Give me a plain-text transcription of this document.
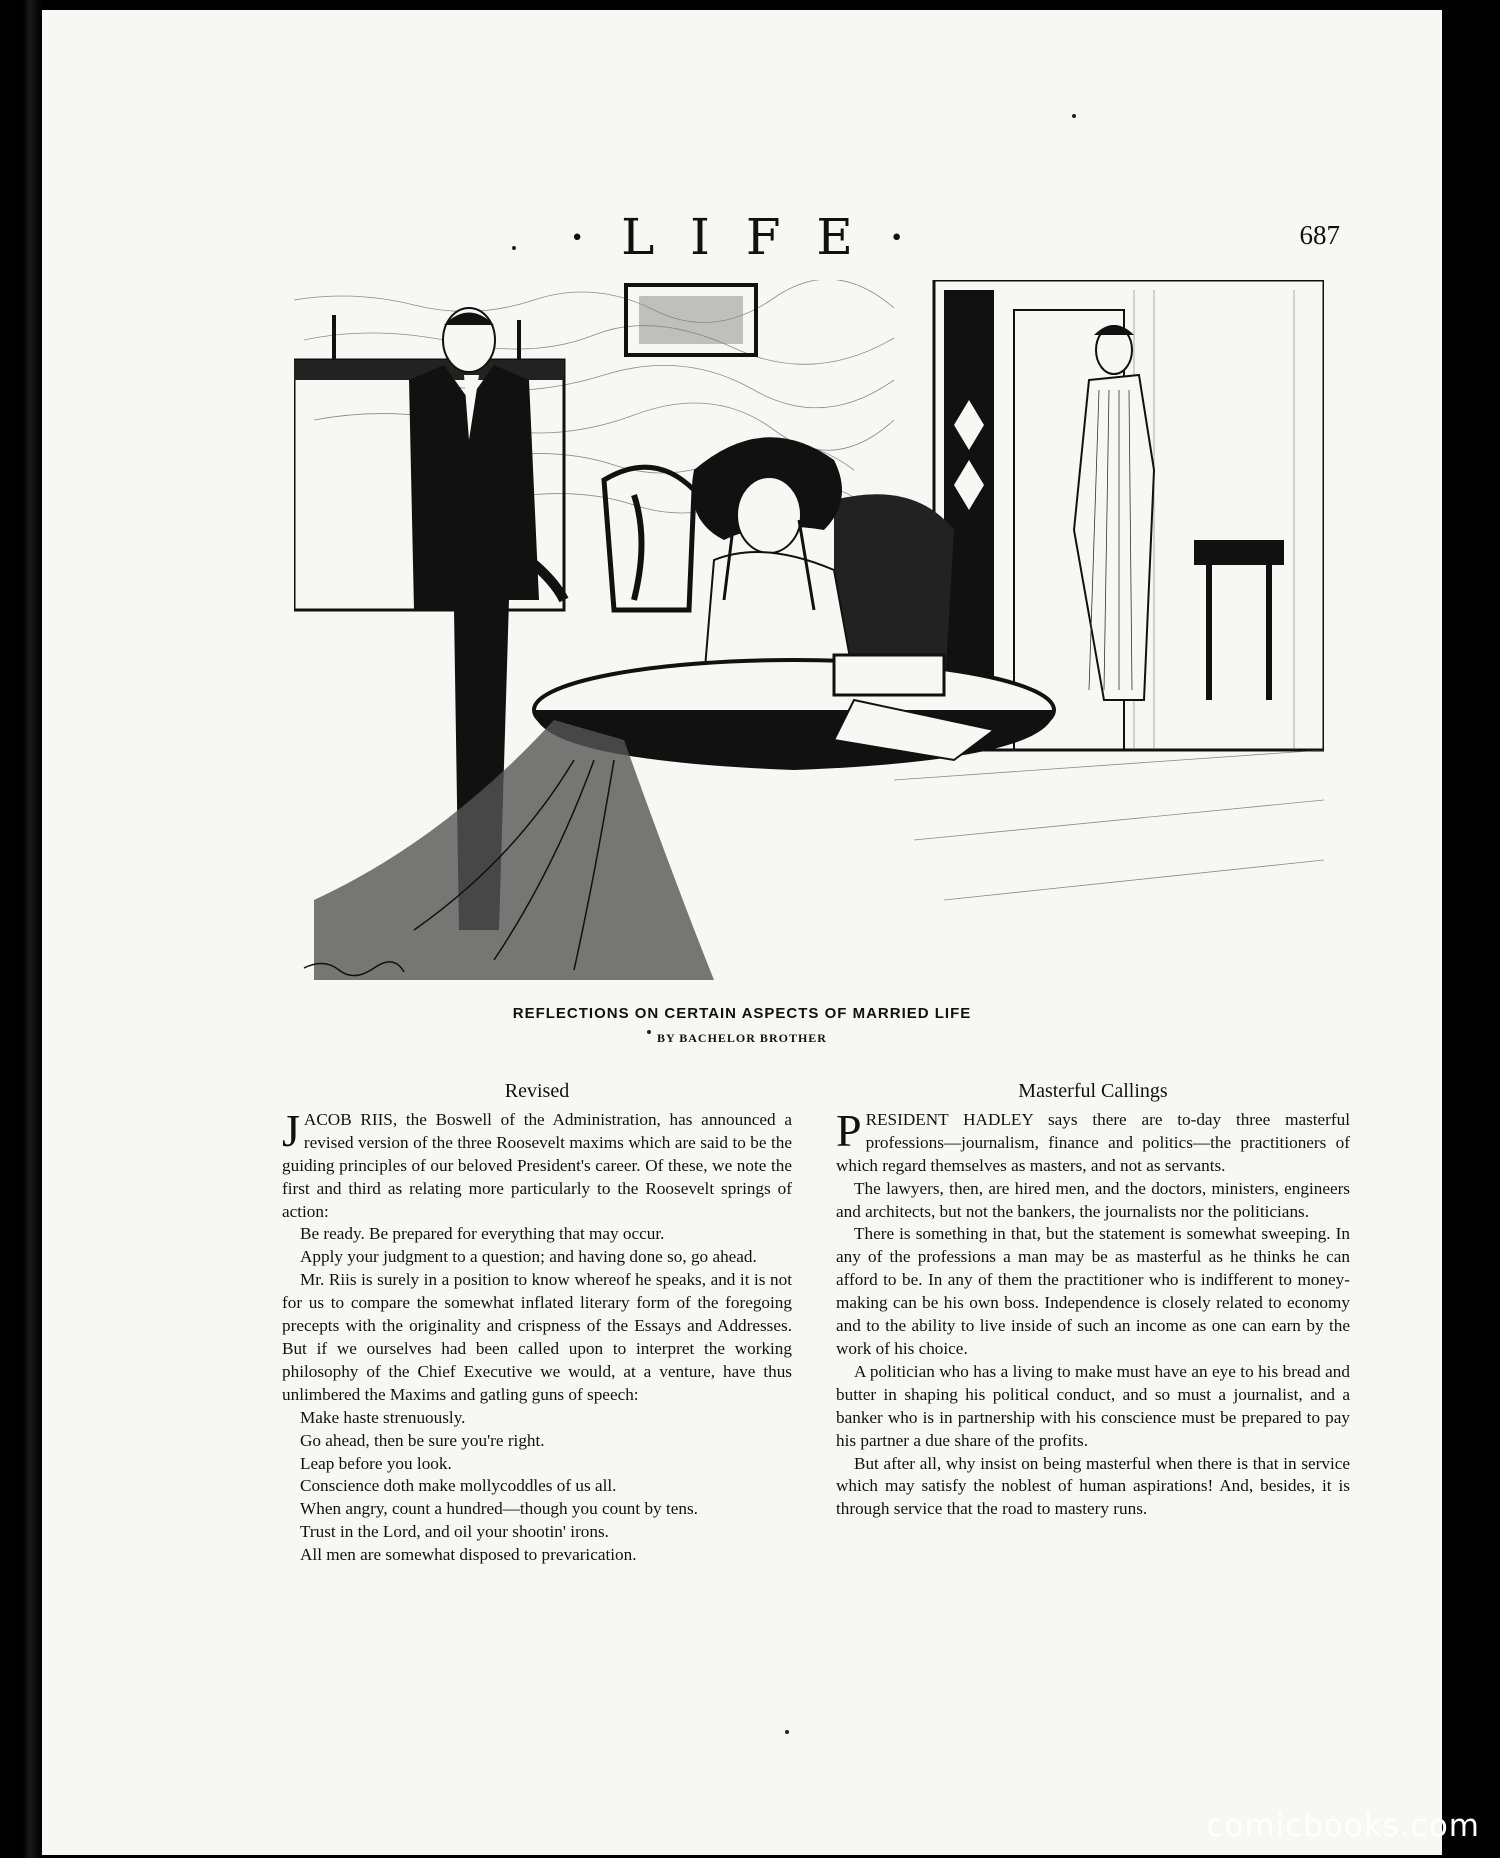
· L I F E ·	687
REFLECTIONS ON CERTAIN ASPECTS OF MARRIED LIFE
BY BACHELOR BROTHER
Revised

JACOB RIIS, the Boswell of the Administration, has announced a revised version of the three Roosevelt maxims which are said to be the guiding principles of our beloved President's career. Of these, we note the first and third as relating more particularly to the Roosevelt springs of action:

Be ready. Be prepared for everything that may occur.

Apply your judgment to a question; and having done so, go ahead.

Mr. Riis is surely in a position to know whereof he speaks, and it is not for us to compare the somewhat inflated literary form of the foregoing precepts with the originality and crispness of the Essays and Addresses. But if we ourselves had been called upon to interpret the working philosophy of the Chief Executive we would, at a venture, have thus unlimbered the Maxims and gatling guns of speech:

Make haste strenuously.

Go ahead, then be sure you're right.

Leap before you look.

Conscience doth make mollycoddles of us all.

When angry, count a hundred—though you count by tens.

Trust in the Lord, and oil your shootin' irons.

All men are somewhat disposed to prevarication.

Masterful Callings

PRESIDENT HADLEY says there are to-day three masterful professions—journalism, finance and politics—the practitioners of which regard themselves as masters, and not as servants.

The lawyers, then, are hired men, and the doctors, ministers, engineers and architects, but not the bankers, the journalists nor the politicians.

There is something in that, but the statement is somewhat sweeping. In any of the professions a man may be as masterful as he thinks he can afford to be. In any of them the practitioner who is indifferent to money-making can be his own boss. Independence is closely related to economy and to the ability to live inside of such an income as one can earn by the work of his choice.

A politician who has a living to make must have an eye to his bread and butter in shaping his political conduct, and so must a journalist, and a banker who is in partnership with his conscience must be prepared to pay his partner a due share of the profits.

But after all, why insist on being masterful when there is that in service which may satisfy the noblest of human aspirations! And, besides, it is through service that the road to mastery runs.

comicbooks.com
